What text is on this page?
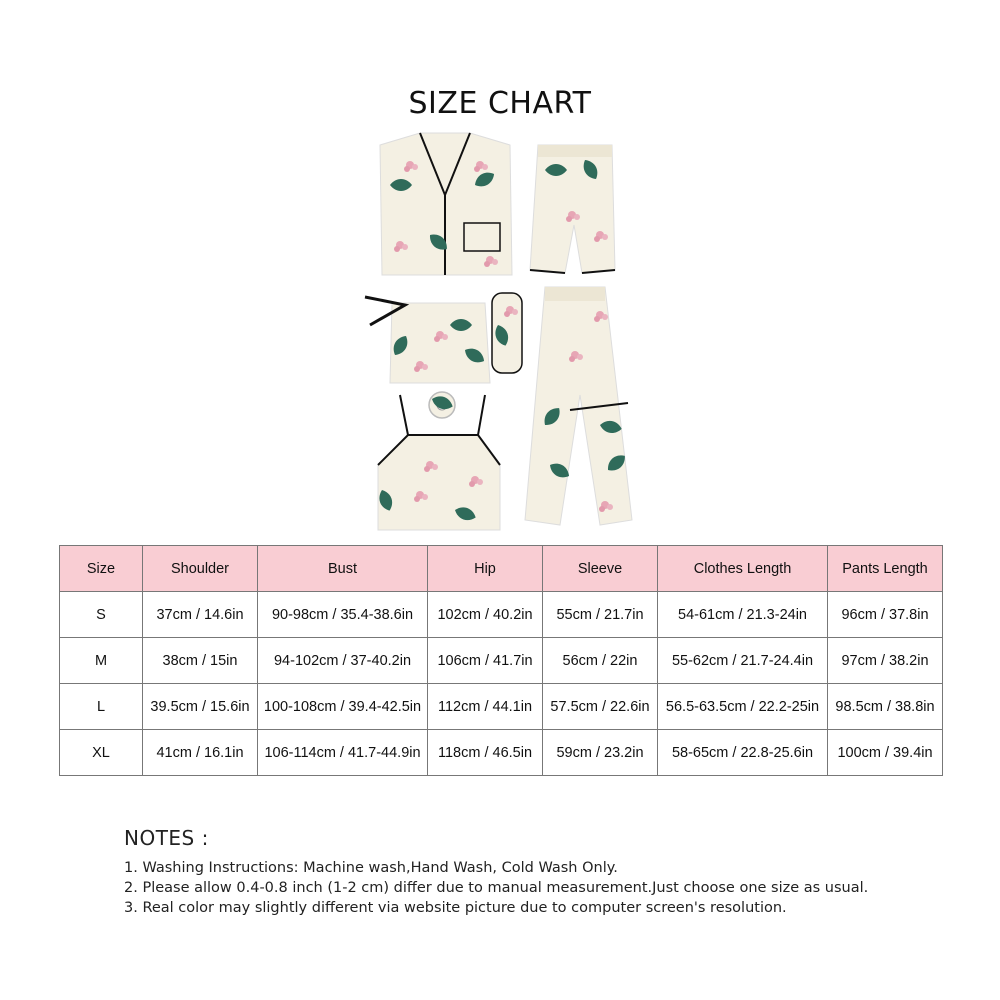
SIZE CHART
Size	Shoulder	Bust	Hip	Sleeve	Clothes Length	Pants Length
S	37cm / 14.6in	90-98cm / 35.4-38.6in	102cm / 40.2in	55cm / 21.7in	54-61cm / 21.3-24in	96cm / 37.8in
M	38cm / 15in	94-102cm / 37-40.2in	106cm / 41.7in	56cm / 22in	55-62cm / 21.7-24.4in	97cm / 38.2in
L	39.5cm / 15.6in	100-108cm / 39.4-42.5in	112cm / 44.1in	57.5cm / 22.6in	56.5-63.5cm / 22.2-25in	98.5cm / 38.8in
XL	41cm / 16.1in	106-114cm / 41.7-44.9in	118cm / 46.5in	59cm / 23.2in	58-65cm / 22.8-25.6in	100cm / 39.4in
NOTES :
1. Washing Instructions: Machine wash,Hand Wash, Cold Wash Only.
2. Please allow 0.4-0.8 inch (1-2 cm) differ due to manual measurement.Just choose one size as usual.
3. Real color may slightly different via website picture due to computer screen's resolution.
